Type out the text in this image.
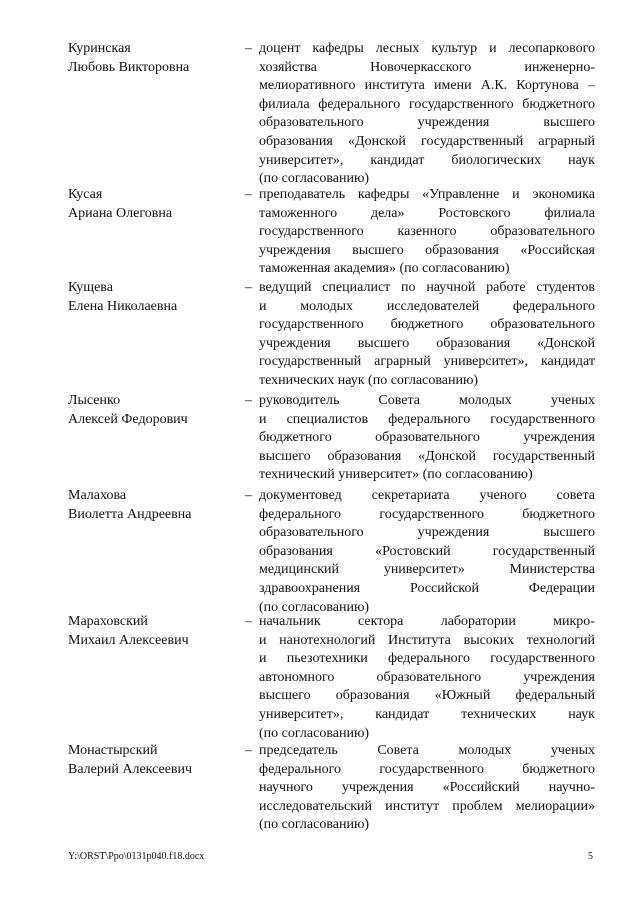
Куринская
Любовь Викторовна
– доцент кафедры лесных культур и лесопаркового
хозяйства	Новочеркасского	инженерно-
мелиоративного института имени А.К. Кортунова –
филиала федерального государственного бюджетного
образовательного	учреждения	высшего
образования «Донской государственный аграрный
университет», кандидат биологических наук
(по согласованию)
Кусая
Ариана Олеговна
– преподаватель кафедры «Управленне и экономика
таможенного дела» Ростовского филиала
государственного казенного образовательного
учреждения высшего образования «Российская
таможенная академия» (по согласованию)
Кущева
Елена Николаевна
– ведущий специалист по научной работе студентов
и молодых исследователей федерального
государственного бюджетного образовательного
учреждения высшего образования «Донской
государственный аграрный университет», кандидат
технических наук (по согласованию)
Лысенко
Алексей Федорович
– руководитель	Совета	молодых	ученых
и специалистов федерального государственного
бюджетного	образовательного	учреждения
высшего образования «Донской государственный
технический университет» (по согласованию)
Малахова
Виолетта Андреевна
– документовед секретариата ученого совета
федерального	государственного	бюджетного
образовательного	учреждения	высшего
образования	«Ростовский	государственный
медицинский	университет»	Министерства
здравоохранения	Российской	Федерации
(по согласованию)
Мараховский
Михаил Алексеевич
– начальник	сектора	лаборатории	микро-
и нанотехнологий Института высоких технологий
и пьезотехники федерального государственного
автономного	образовательного	учреждения
высшего образования «Южный федеральный
университет», кандидат технических наук
(по согласованию)
Монастырский
Валерий Алексеевич
– председатель	Совета	молодых	ученых
федерального	государственного	бюджетного
научного учреждения «Российский научно-
исследовательский институт проблем мелиорации»
(по согласованию)
Y:\ORST\Ppo\0131p040.f18.docx	5
